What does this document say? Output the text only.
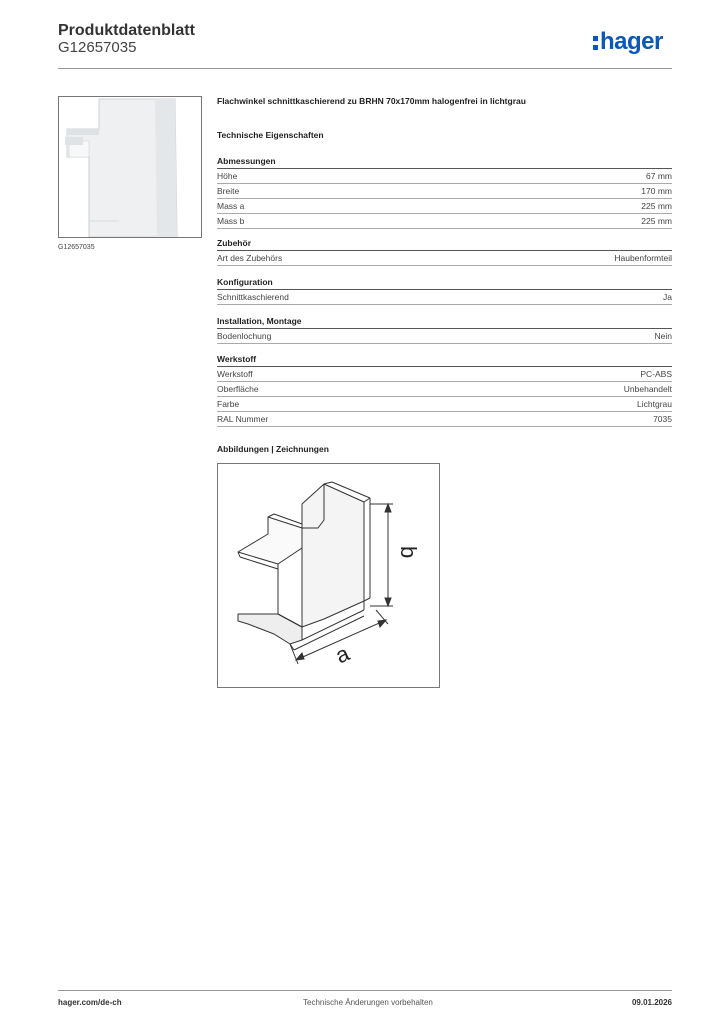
Produktdatenblatt
G12657035	hager
G12657035
Flachwinkel schnittkaschierend zu BRHN 70x170mm halogenfrei in lichtgrau
Technische Eigenschaften
Abmessungen
Höhe	67 mm
Breite	170 mm
Mass a	225 mm
Mass b	225 mm
Zubehör
Art des Zubehörs	Haubenformteil
Konfiguration
Schnittkaschierend	Ja
Installation, Montage
Bodenlochung	Nein
Werkstoff
Werkstoff	PC-ABS
Oberfläche	Unbehandelt
Farbe	Lichtgrau
RAL Nummer	7035
Abbildungen | Zeichnungen
b
a
hager.com/de-ch	Technische Änderungen vorbehalten	09.01.2026
